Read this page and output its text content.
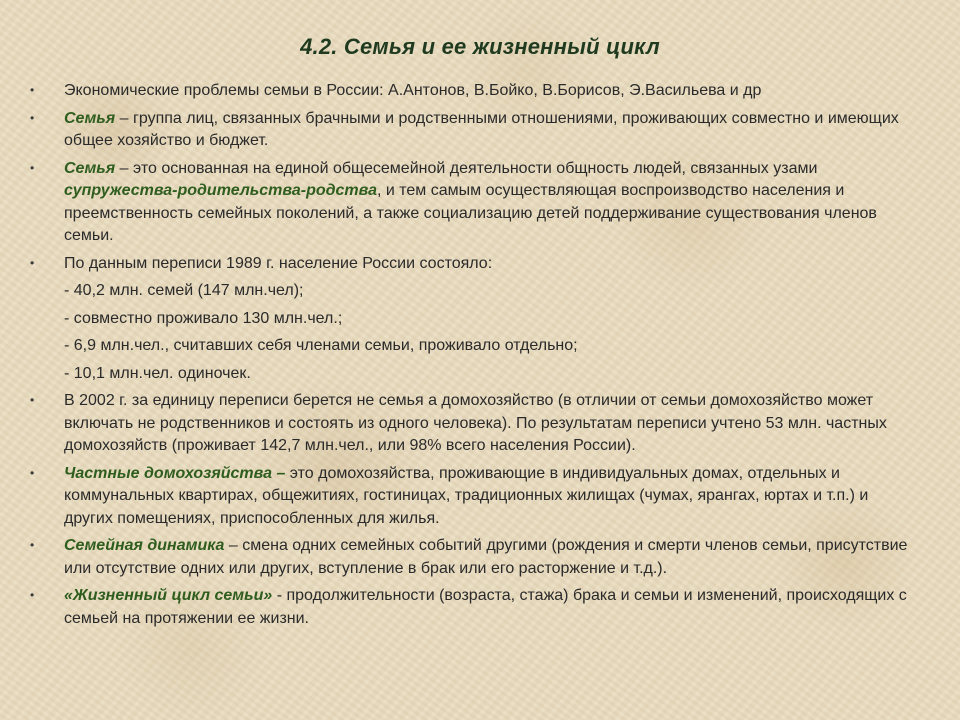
4.2. Семья и ее жизненный цикл
• Экономические проблемы семьи в России: А.Антонов, В.Бойко, В.Борисов, Э.Васильева и др
• Семья – группа лиц, связанных брачными и родственными отношениями, проживающих совместно и имеющих общее хозяйство и бюджет.
• Семья – это основанная на единой общесемейной деятельности общность людей, связанных узами супружества-родительства-родства, и тем самым осуществляющая воспроизводство населения и преемственность семейных поколений, а также социализацию детей поддерживание существования членов семьи.
• По данным переписи 1989 г. население России состояло:
- 40,2 млн. семей (147 млн.чел);
- совместно проживало 130 млн.чел.;
- 6,9 млн.чел., считавших себя членами семьи, проживало отдельно;
- 10,1 млн.чел. одиночек.
• В 2002 г. за единицу переписи берется не семья а домохозяйство (в отличии от семьи домохозяйство может включать не родственников и состоять из одного человека). По результатам переписи учтено 53 млн. частных домохозяйств (проживает 142,7 млн.чел., или 98% всего населения России).
• Частные домохозяйства – это домохозяйства, проживающие в индивидуальных домах, отдельных и коммунальных квартирах, общежитиях, гостиницах, традиционных жилищах (чумах, ярангах, юртах и т.п.) и других помещениях, приспособленных для жилья.
• Семейная динамика – смена одних семейных событий другими (рождения и смерти членов семьи, присутствие или отсутствие одних или других, вступление в брак или его расторжение и т.д.).
• «Жизненный цикл семьи» - продолжительности (возраста, стажа) брака и семьи и изменений, происходящих с семьей на протяжении ее жизни.
